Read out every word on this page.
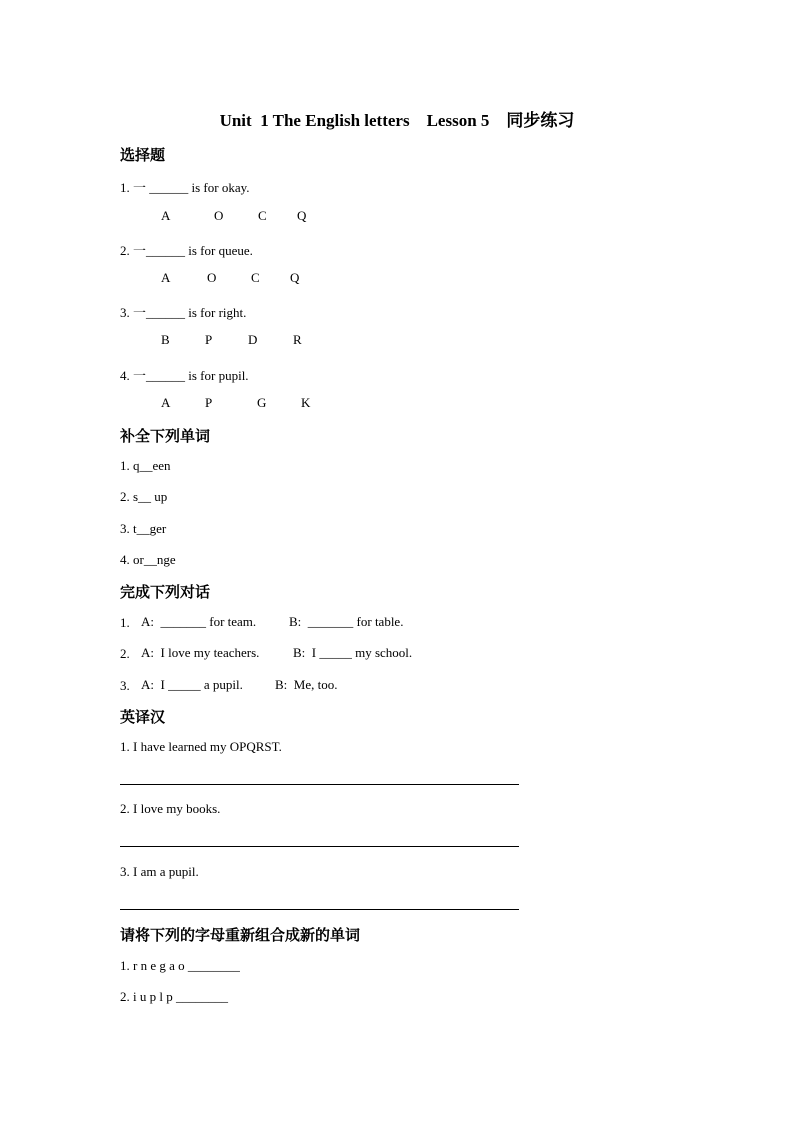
Unit  1 The English letters    Lesson 5    同步练习
选择题
1. 一 ______ is for okay.
A	O	C Q
2. 一______ is for queue.
A	O	C Q
3. 一______ is for right.
B	P	D	R
4. 一______ is for pupil.
A	P	G	K
补全下列单词
1. q__een
2. s__ up
3. t__ger
4. or__nge
完成下列对话
1. A:  _______ for team.	B:  _______ for table.
2. A:  I love my teachers.	B:  I _____ my school.
3. A:  I _____ a pupil. B:  Me, too.
英译汉
1. I have learned my OPQRST.
2. I love my books.
3. I am a pupil.
请将下列的字母重新组合成新的单词
1. r n e g a o ________
2. i u p l p ________
